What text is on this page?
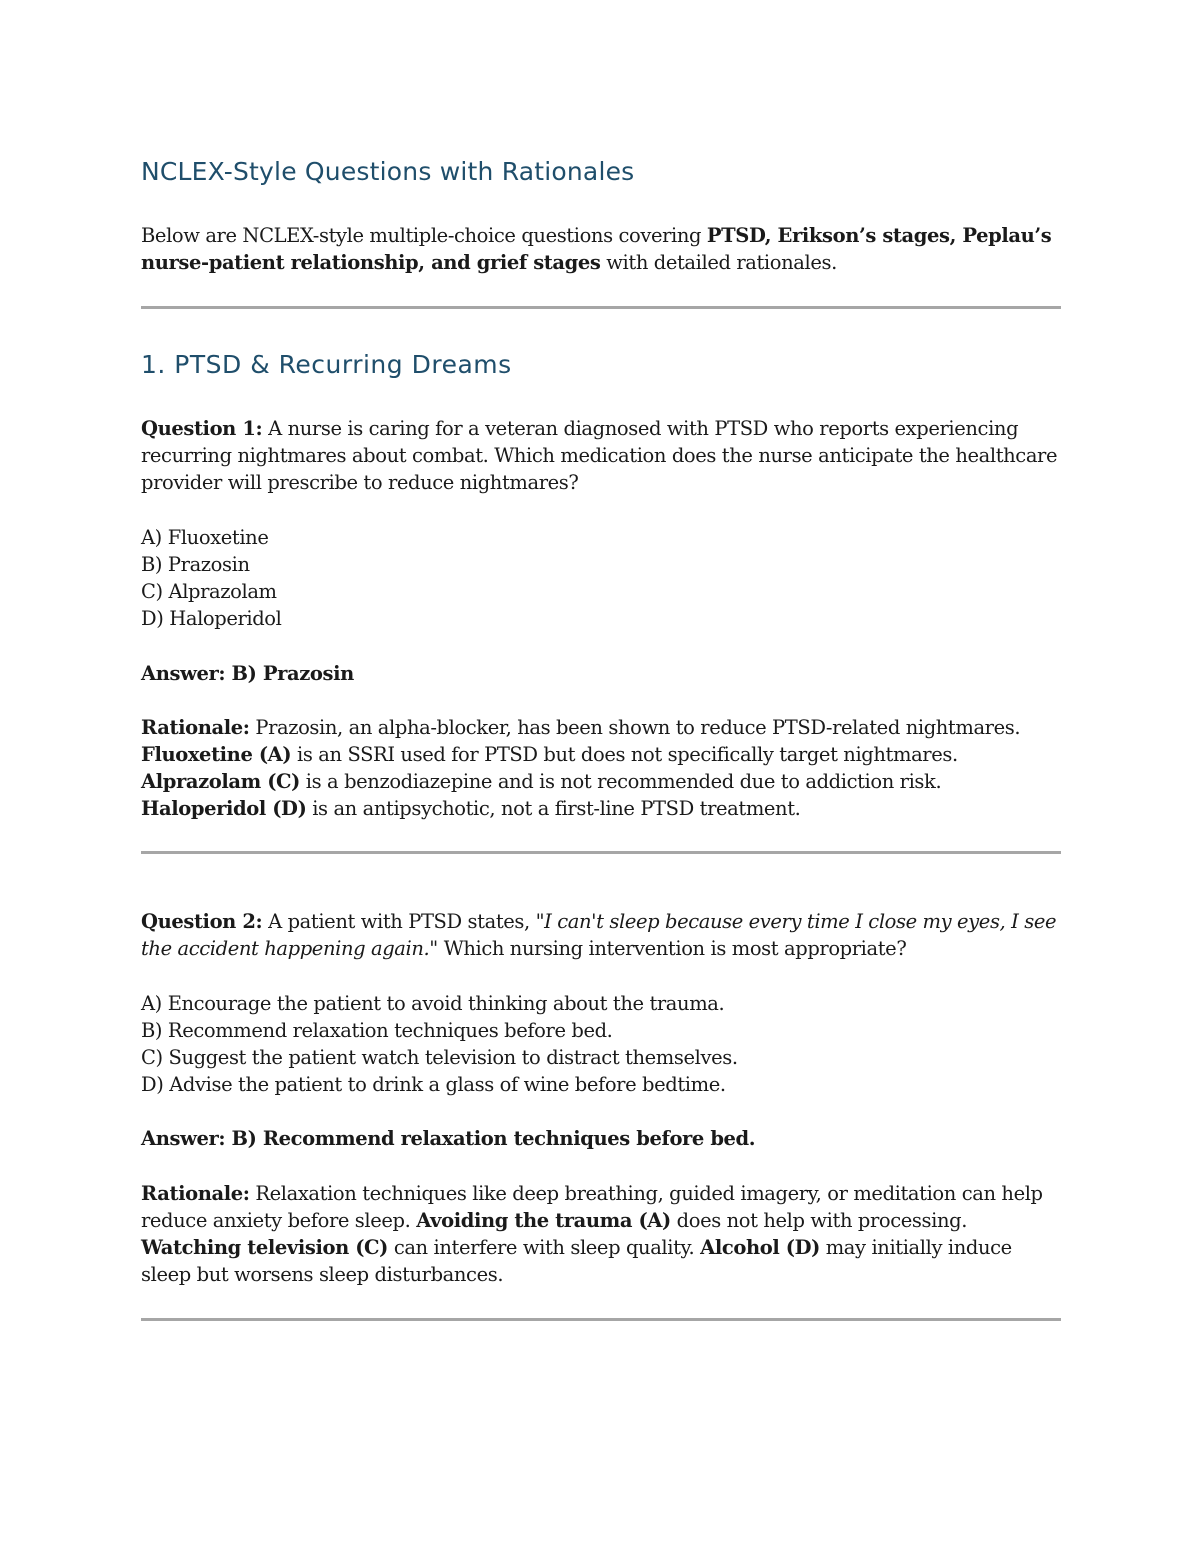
NCLEX-Style Questions with Rationales

Below are NCLEX-style multiple-choice questions covering PTSD, Erikson’s stages, Peplau’s nurse-patient relationship, and grief stages with detailed rationales.

1. PTSD & Recurring Dreams

Question 1: A nurse is caring for a veteran diagnosed with PTSD who reports experiencing recurring nightmares about combat. Which medication does the nurse anticipate the healthcare provider will prescribe to reduce nightmares?

A) Fluoxetine
B) Prazosin
C) Alprazolam
D) Haloperidol

Answer: B) Prazosin

Rationale: Prazosin, an alpha-blocker, has been shown to reduce PTSD-related nightmares. Fluoxetine (A) is an SSRI used for PTSD but does not specifically target nightmares. Alprazolam (C) is a benzodiazepine and is not recommended due to addiction risk. Haloperidol (D) is an antipsychotic, not a first-line PTSD treatment.

Question 2: A patient with PTSD states, "I can't sleep because every time I close my eyes, I see the accident happening again." Which nursing intervention is most appropriate?

A) Encourage the patient to avoid thinking about the trauma.
B) Recommend relaxation techniques before bed.
C) Suggest the patient watch television to distract themselves.
D) Advise the patient to drink a glass of wine before bedtime.

Answer: B) Recommend relaxation techniques before bed.

Rationale: Relaxation techniques like deep breathing, guided imagery, or meditation can help reduce anxiety before sleep. Avoiding the trauma (A) does not help with processing. Watching television (C) can interfere with sleep quality. Alcohol (D) may initially induce sleep but worsens sleep disturbances.
